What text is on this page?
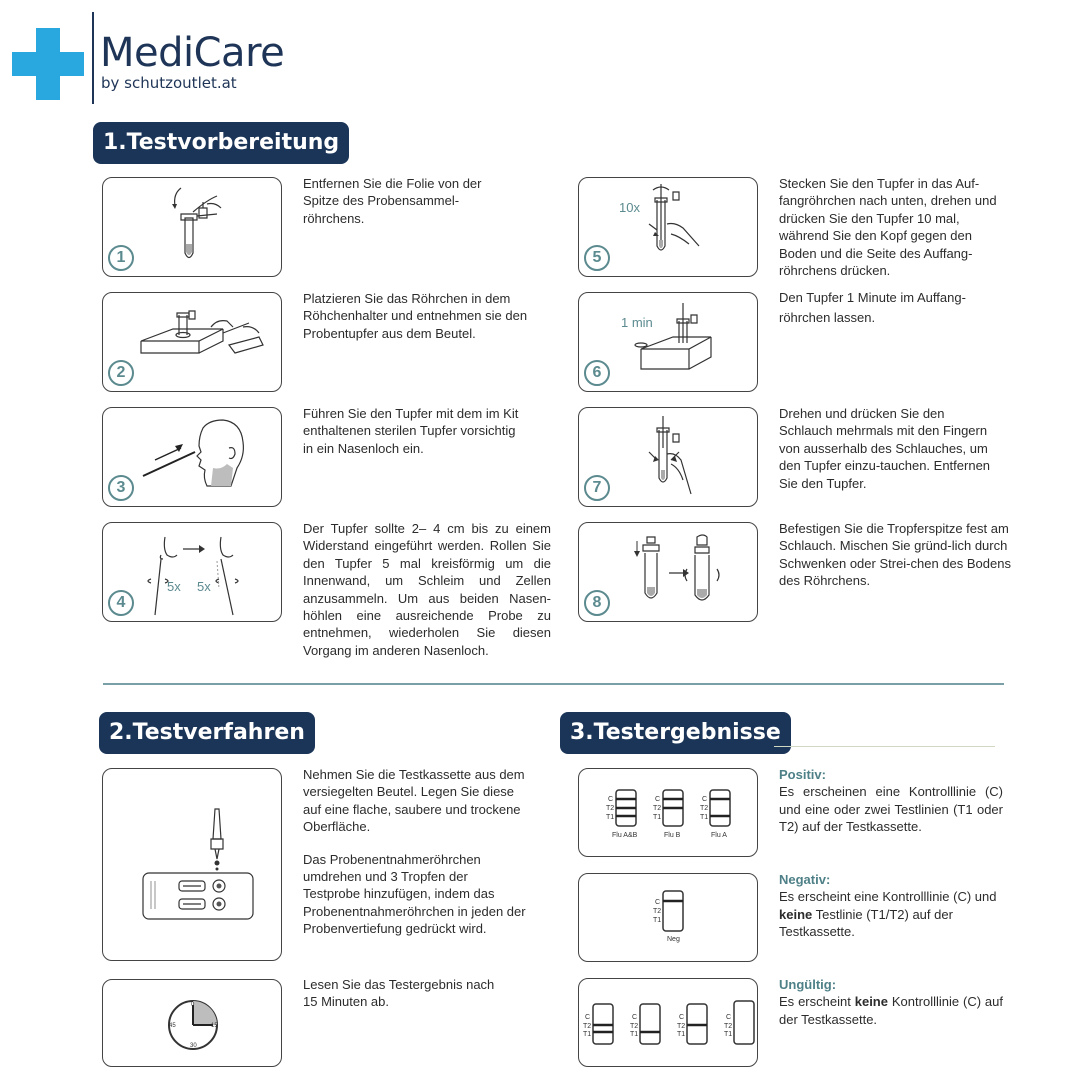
MediCare
by schutzoutlet.at
1.Testvorbereitung
1
Entfernen Sie die Folie von der Spitze des Probensammel-röhrchens.
2
Platzieren Sie das Röhrchen in dem Röhchenhalter und entnehmen sie den Probentupfer aus dem Beutel.
3
Führen Sie den Tupfer mit dem im Kit enthaltenen sterilen Tupfer vorsichtig in ein Nasenloch ein.
5x 5x
4
Der Tupfer sollte 2– 4 cm bis zu einem Widerstand eingeführt werden. Rollen Sie den Tupfer 5 mal kreisförmig um die Innenwand, um Schleim und Zellen anzusammeln. Um aus beiden Nasen-höhlen eine ausreichende Probe zu entnehmen, wiederholen Sie diesen Vorgang im anderen Nasenloch.
10x
5
Stecken Sie den Tupfer in das Auf-fangröhrchen nach unten, drehen und drücken Sie den Tupfer 10 mal, während Sie den Kopf gegen den Boden und die Seite des Auffang-röhrchens drücken.
1 min
6
Den Tupfer 1 Minute im Auffang-röhrchen lassen.
7
Drehen und drücken Sie den Schlauch mehrmals mit den Fingern von ausserhalb des Schlauches, um den Tupfer einzu-tauchen. Entfernen Sie den Tupfer.
8
Befestigen Sie die Tropferspitze fest am Schlauch. Mischen Sie gründ-lich durch Schwenken oder Strei-chen des Bodens des Röhrchens.
2.Testverfahren

Nehmen Sie die Testkassette aus dem versiegelten Beutel. Legen Sie diese auf eine flache, saubere und trockene Oberfläche.

Das Probenentnahmeröhrchen umdrehen und 3 Tropfen der Testprobe hinzufügen, indem das Probenentnahmeröhrchen in jeden der Probenvertiefung gedrückt wird.

0
15
30
45
Lesen Sie das Testergebnis nach 15 Minuten ab.
3.Testergebnisse
C
T2
T1
C
T2
T1
C
T2
T1
Flu A&B	Flu B	Flu A
Positiv:
Es erscheinen eine Kontrolllinie (C) und eine oder zwei Testlinien (T1 oder T2) auf der Testkassette.
C
T2
T1
Neg
Negativ:
Es erscheint eine Kontrolllinie (C) und keine Testlinie (T1/T2) auf der Testkassette.
C
T2
T1
C
T2
T1
C
T2
T1
C
T2
T1
Ungültig:
Es erscheint keine Kontrolllinie (C) auf der Testkassette.
